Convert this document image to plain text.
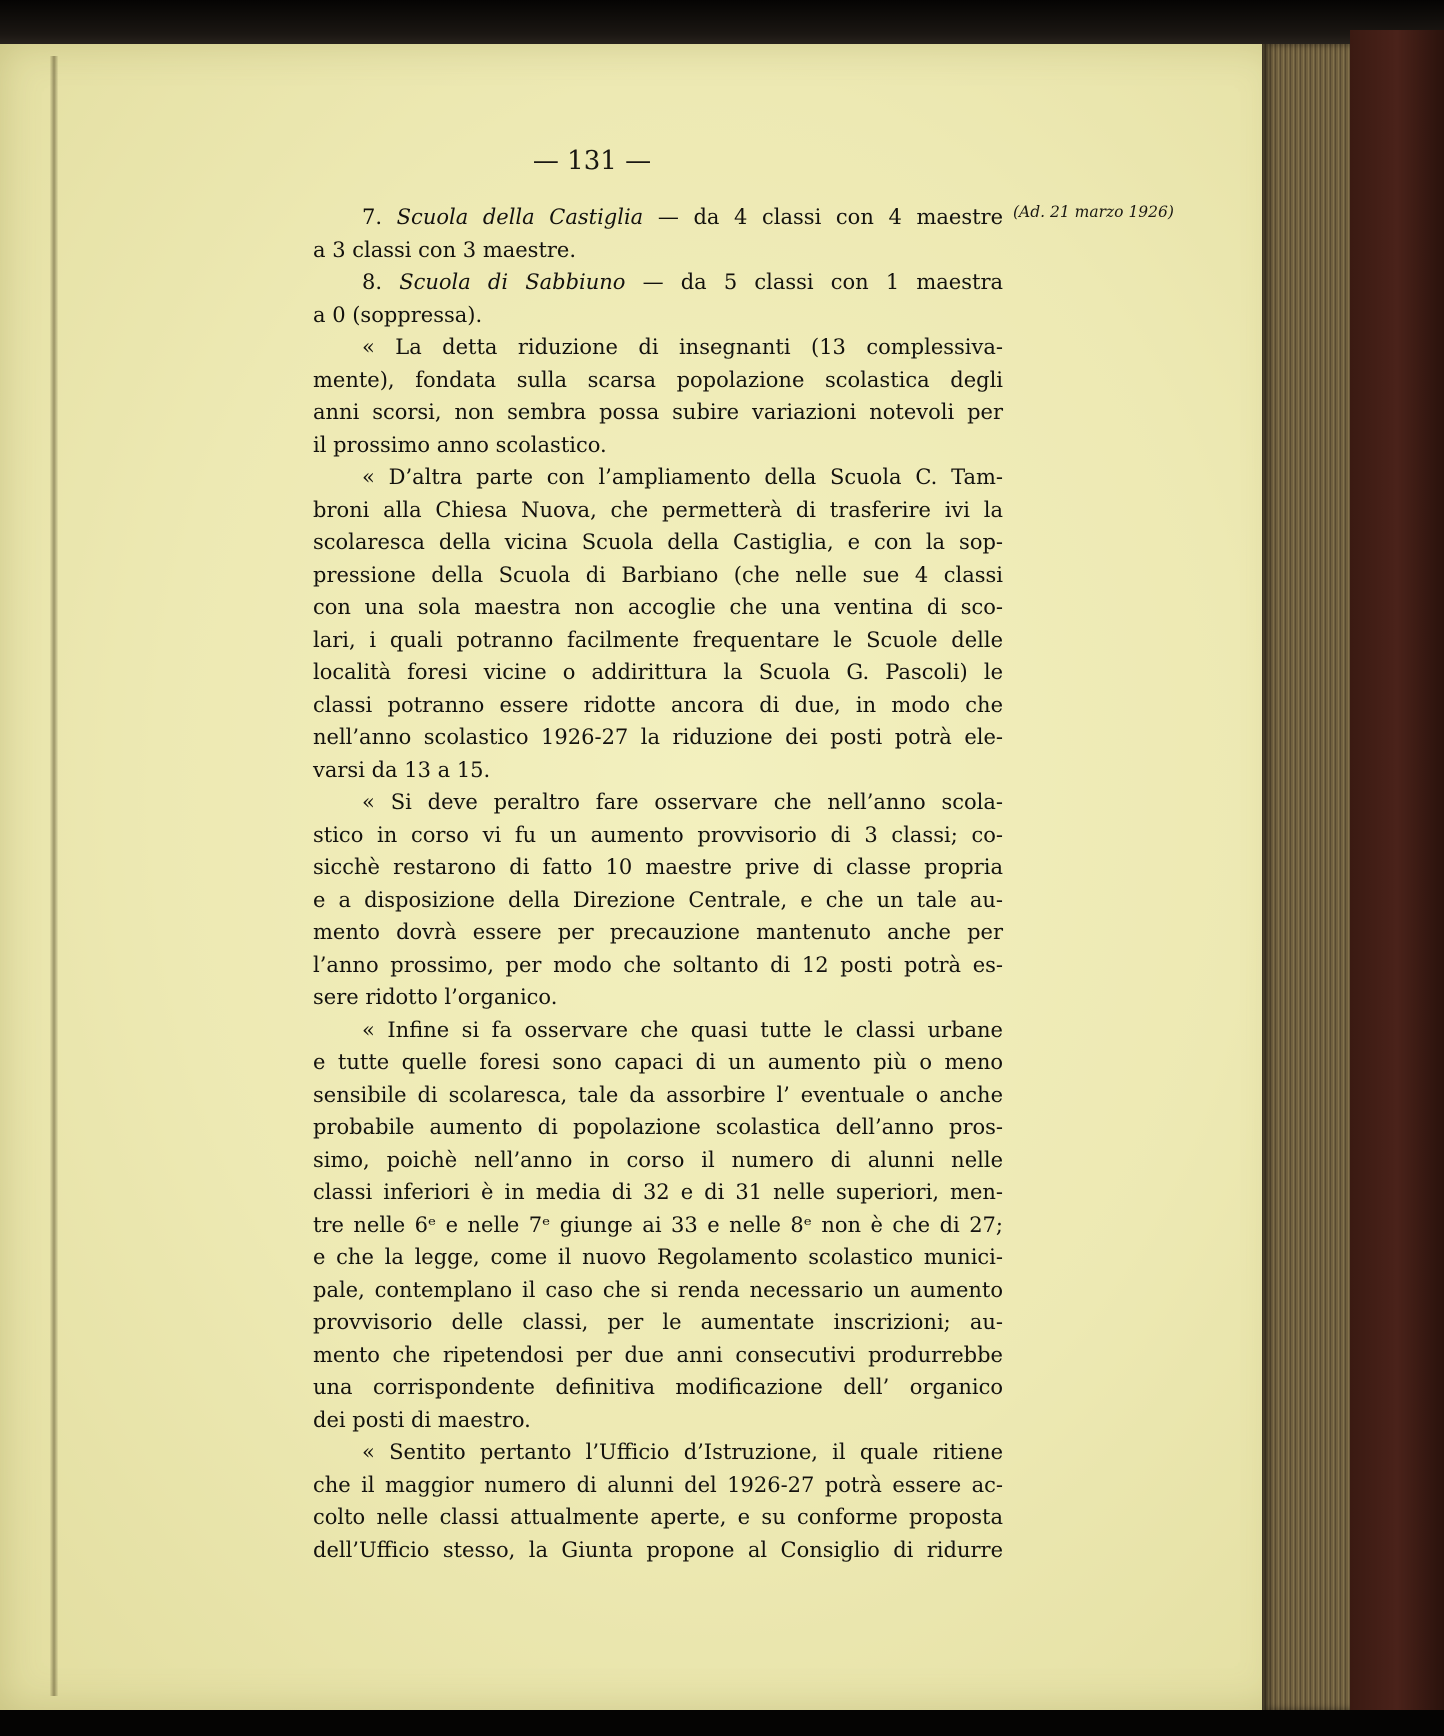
— 131 —
(Ad. 21 marzo 1926)
7. Scuola della Castiglia — da 4 classi con 4 maestre
a 3 classi con 3 maestre.
8. Scuola di Sabbiuno — da 5 classi con 1 maestra
a 0 (soppressa).
« La detta riduzione di insegnanti (13 complessiva-
mente), fondata sulla scarsa popolazione scolastica degli
anni scorsi, non sembra possa subire variazioni notevoli per
il prossimo anno scolastico.
« D’altra parte con l’ampliamento della Scuola C. Tam-
broni alla Chiesa Nuova, che permetterà di trasferire ivi la
scolaresca della vicina Scuola della Castiglia, e con la sop-
pressione della Scuola di Barbiano (che nelle sue 4 classi
con una sola maestra non accoglie che una ventina di sco-
lari, i quali potranno facilmente frequentare le Scuole delle
località foresi vicine o addirittura la Scuola G. Pascoli) le
classi potranno essere ridotte ancora di due, in modo che
nell’anno scolastico 1926-27 la riduzione dei posti potrà ele-
varsi da 13 a 15.
« Si deve peraltro fare osservare che nell’anno scola-
stico in corso vi fu un aumento provvisorio di 3 classi; co-
sicchè restarono di fatto 10 maestre prive di classe propria
e a disposizione della Direzione Centrale, e che un tale au-
mento dovrà essere per precauzione mantenuto anche per
l’anno prossimo, per modo che soltanto di 12 posti potrà es-
sere ridotto l’organico.
« Infine si fa osservare che quasi tutte le classi urbane
e tutte quelle foresi sono capaci di un aumento più o meno
sensibile di scolaresca, tale da assorbire l’ eventuale o anche
probabile aumento di popolazione scolastica dell’anno pros-
simo, poichè nell’anno in corso il numero di alunni nelle
classi inferiori è in media di 32 e di 31 nelle superiori, men-
tre nelle 6ᵉ e nelle 7ᵉ giunge ai 33 e nelle 8ᵉ non è che di 27;
e che la legge, come il nuovo Regolamento scolastico munici-
pale, contemplano il caso che si renda necessario un aumento
provvisorio delle classi, per le aumentate inscrizioni; au-
mento che ripetendosi per due anni consecutivi produrrebbe
una corrispondente definitiva modificazione dell’ organico
dei posti di maestro.
« Sentito pertanto l’Ufficio d’Istruzione, il quale ritiene
che il maggior numero di alunni del 1926-27 potrà essere ac-
colto nelle classi attualmente aperte, e su conforme proposta
dell’Ufficio stesso, la Giunta propone al Consiglio di ridurre
